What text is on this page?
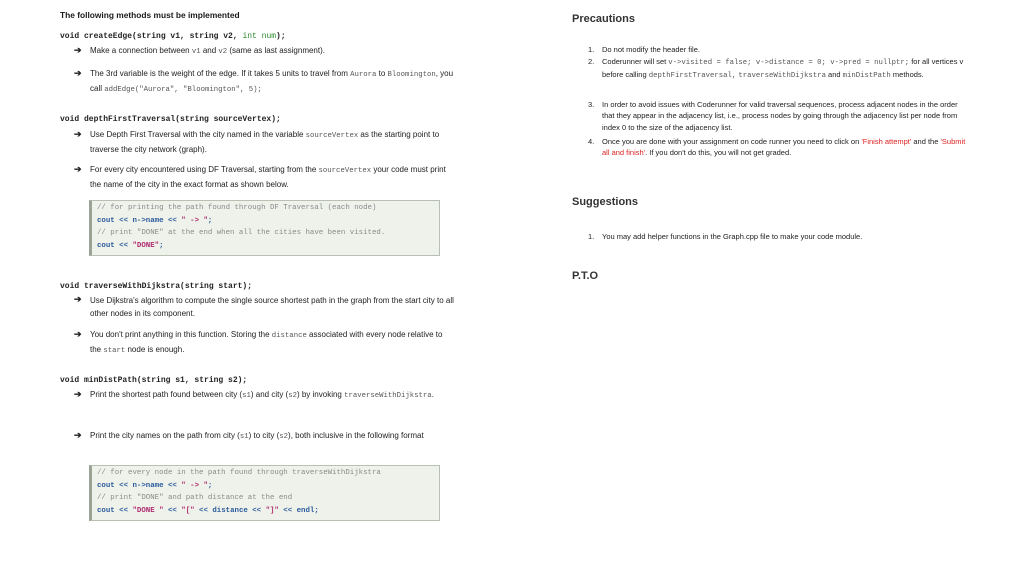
The following methods must be implemented
void createEdge(string v1, string v2, int num);
➔ Make a connection between v1 and v2 (same as last assignment).
➔ The 3rd variable is the weight of the edge. If it takes 5 units to travel from Aurora to Bloomington, you call addEdge("Aurora", "Bloomington", 5);
void depthFirstTraversal(string sourceVertex);
➔ Use Depth First Traversal with the city named in the variable sourceVertex as the starting point to traverse the city network (graph).
➔ For every city encountered using DF Traversal, starting from the sourceVertex your code must print the name of the city in the exact format as shown below.
// for printing the path found through DF Traversal (each node)
cout << n->name << " -> ";
// print "DONE" at the end when all the cities have been visited.
cout << "DONE";
void traverseWithDijkstra(string start);
Use Dijkstra's algorithm to compute the single source shortest path in the graph from the start city to all other nodes in its component.
➔
➔ You don't print anything in this function. Storing the distance associated with every node relative to the start node is enough.
void minDistPath(string s1, string s2);
➔ Print the shortest path found between city (s1) and city (s2) by invoking traverseWithDijkstra.
➔ Print the city names on the path from city (s1) to city (s2), both inclusive in the following format
// for every node in the path found through traverseWithDijkstra
cout << n->name << " -> ";
// print "DONE" and path distance at the end
cout << "DONE " << "[" << distance << "]" << endl;
Precautions
1. Do not modify the header file.
2. Coderunner will set v->visited = false; v->distance = 0; v->pred = nullptr; for all vertices v before calling depthFirstTraversal, traverseWithDijkstra and minDistPath methods.
3. In order to avoid issues with Coderunner for valid traversal sequences, process adjacent nodes in the order that they appear in the adjacency list, i.e., process nodes by going through the adjacency list per node from index 0 to the size of the adjacency list.
4. Once you are done with your assignment on code runner you need to click on 'Finish attempt' and the 'Submit all and finish'. If you don't do this, you will not get graded.
Suggestions
1. You may add helper functions in the Graph.cpp file to make your code module.
P.T.O
